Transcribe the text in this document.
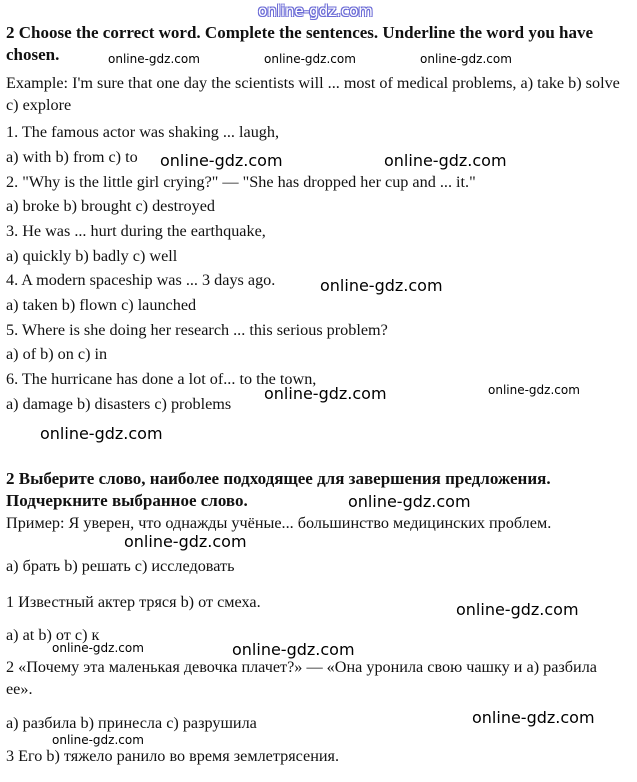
online-gdz.com
2 Choose the correct word. Complete the sentences. Underline the word you have chosen.
Example: I'm sure that one day the scientists will ... most of medical problems, a) take b) solve c) explore
1. The famous actor was shaking ... laugh,
a) with b) from c) to
2. "Why is the little girl crying?" — "She has dropped her cup and ... it."
a) broke b) brought c) destroyed
3. He was ... hurt during the earthquake,
a) quickly b) badly c) well
4. A modern spaceship was ... 3 days ago.
a) taken b) flown c) launched
5. Where is she doing her research ... this serious problem?
a) of b) on c) in
6. The hurricane has done a lot of... to the town,
a) damage b) disasters c) problems
2 Выберите слово, наиболее подходящее для завершения предложения. Подчеркните выбранное слово.
Пример: Я уверен, что однажды учёные... большинство медицинских проблем.
а) брать b) решать с) исследовать
1 Известный актер тряся b) от смеха.
а) at b) от с) к
2 «Почему эта маленькая девочка плачет?» — «Она уронила свою чашку и а) разбила ее».
а) разбила b) принесла с) разрушила
3 Его b) тяжело ранило во время землетрясения.
online-gdz.com	online-gdz.com	online-gdz.com
online-gdz.com	online-gdz.com
online-gdz.com
online-gdz.com
online-gdz.com
online-gdz.com
online-gdz.com
online-gdz.com
online-gdz.com
online-gdz.com	online-gdz.com
online-gdz.com
online-gdz.com
